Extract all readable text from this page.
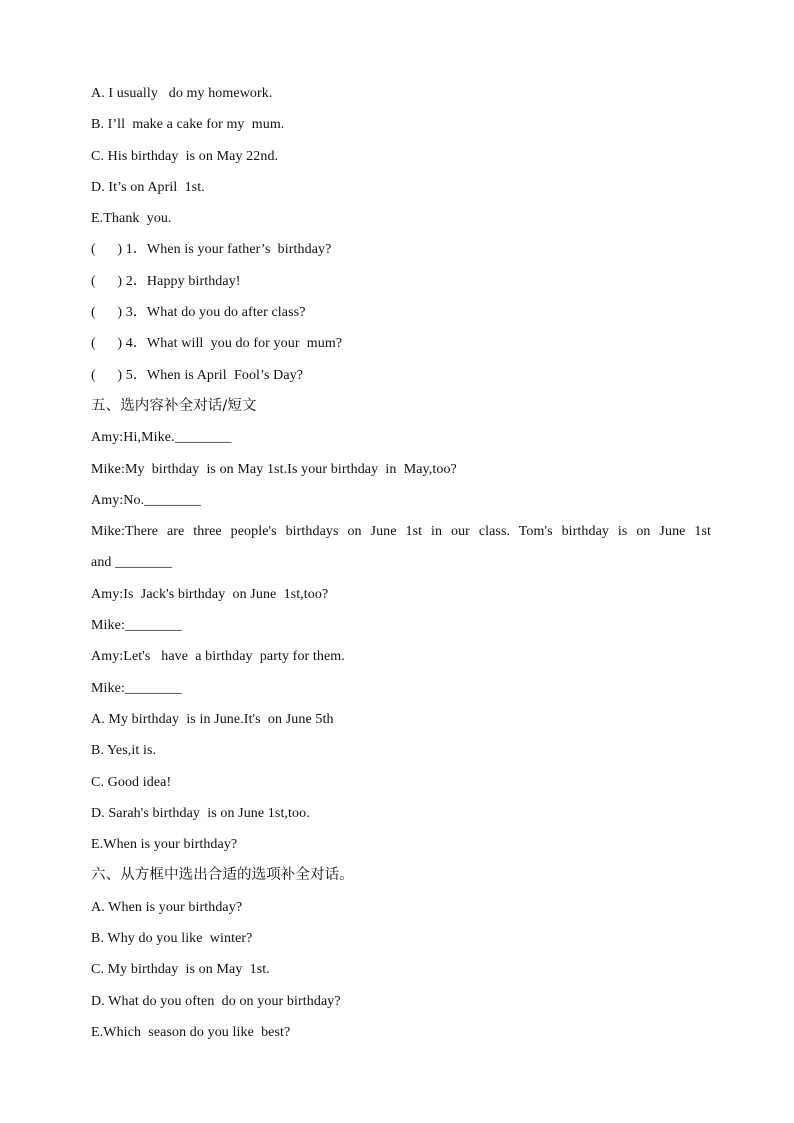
A. I usually   do my homework.
B. I’ll  make a cake for my  mum.
C. His birthday  is on May 22nd.
D. It’s on April  1st.
E.Thank  you.
(      ) 1．When is your father’s  birthday?
(      ) 2．Happy birthday!
(      ) 3．What do you do after class?
(      ) 4．What will  you do for your  mum?
(      ) 5．When is April  Fool’s Day?
五、选内容补全对话/短文
Amy:Hi,Mike.________
Mike:My  birthday  is on May 1st.Is your birthday  in  May,too?
Amy:No.________
Mike:There are three people's birthdays on June 1st in our class. Tom's birthday is on June 1st
and ________
Amy:Is  Jack's birthday  on June  1st,too?
Mike:________
Amy:Let's   have  a birthday  party for them.
Mike:________
A. My birthday  is in June.It's  on June 5th
B. Yes,it is.
C. Good idea!
D. Sarah's birthday  is on June 1st,too.
E.When is your birthday?
六、从方框中选出合适的选项补全对话。
A. When is your birthday?
B. Why do you like  winter?
C. My birthday  is on May  1st.
D. What do you often  do on your birthday?
E.Which  season do you like  best?
